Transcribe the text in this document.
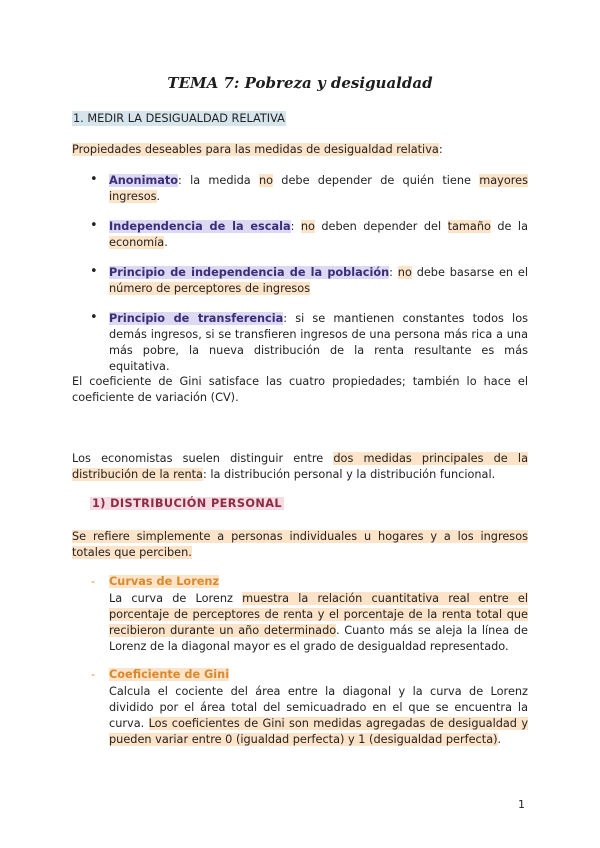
TEMA 7: Pobreza y desigualdad
1. MEDIR LA DESIGUALDAD RELATIVA
Propiedades deseables para las medidas de desigualdad relativa:
•
Anonimato: la medida no debe depender de quién tiene mayores ingresos.
•
Independencia de la escala: no deben depender del tamaño de la economía.
•
Principio de independencia de la población: no debe basarse en el número de perceptores de ingresos
•
Principio de transferencia: si se mantienen constantes todos los demás ingresos, si se transfieren ingresos de una persona más rica a una más pobre, la nueva distribución de la renta resultante es más equitativa.
El coeficiente de Gini satisface las cuatro propiedades; también lo hace el coeficiente de variación (CV).
Los economistas suelen distinguir entre dos medidas principales de la distribución de la renta: la distribución personal y la distribución funcional.
1) DISTRIBUCIÓN PERSONAL
Se refiere simplemente a personas individuales u hogares y a los ingresos totales que perciben.
- Curvas de Lorenz
La curva de Lorenz muestra la relación cuantitativa real entre el porcentaje de perceptores de renta y el porcentaje de la renta total que recibieron durante un año determinado. Cuanto más se aleja la línea de Lorenz de la diagonal mayor es el grado de desigualdad representado.
- Coeficiente de Gini
Calcula el cociente del área entre la diagonal y la curva de Lorenz dividido por el área total del semicuadrado en el que se encuentra la curva. Los coeficientes de Gini son medidas agregadas de desigualdad y pueden variar entre 0 (igualdad perfecta) y 1 (desigualdad perfecta).
1
